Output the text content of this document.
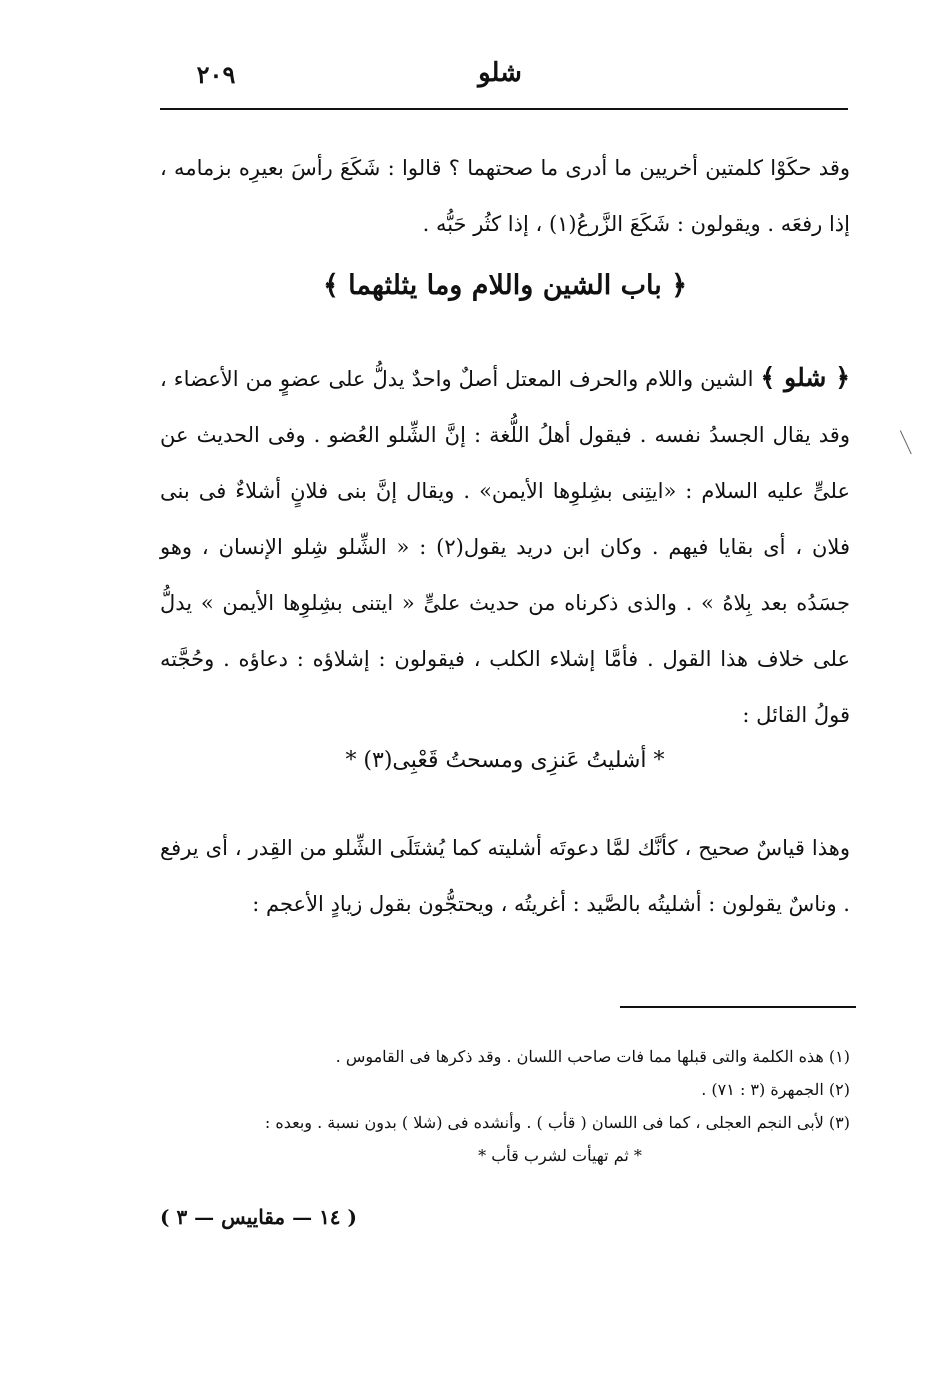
شلو
٢٠٩

وقد حكَوْا كلمتين أخريين ما أدرى ما صحتهما ؟ قالوا : شَكَعَ رأسَ بعيرِه بزمامه ، إذا رفعَه . ويقولون : شَكَعَ الزَّرعُ(١) ، إذا كثُر حَبُّه .

﴿ باب الشين واللام وما يثلثهما ﴾

﴿ شلو ﴾ الشين واللام والحرف المعتل أصلٌ واحدٌ يدلُّ على عضوٍ من الأعضاء ، وقد يقال الجسدُ نفسه . فيقول أهلُ اللُّغة : إنَّ الشِّلو العُضو . وفى الحديث عن علىٍّ عليه السلام : «ايتِنى بشِلوِها الأيمن» . ويقال إنَّ بنى فلانٍ أشلاءٌ فى بنى فلان ، أى بقايا فيهم . وكان ابن دريد يقول(٢) : « الشِّلو شِلو الإنسان ، وهو جسَدُه بعد بِلاهُ » . والذى ذكرناه من حديث علىٍّ « ايتنى بشِلوِها الأيمن » يدلُّ على خلاف هذا القول . فأمَّا إشلاء الكلب ، فيقولون : إشلاؤه : دعاؤه . وحُجَّته قولُ القائل :

* أشليتُ عَنزِى ومسحتُ قَعْبِى(٣) *

وهذا قياسٌ صحيح ، كأنَّك لمَّا دعوتَه أشليته كما يُشتَلَى الشِّلو من القِدر ، أى يرفع . وناسٌ يقولون : أشليتُه بالصَّيد : أغريتُه ، ويحتجُّون بقول زيادٍ الأعجم :

(١) هذه الكلمة والتى قبلها مما فات صاحب اللسان . وقد ذكرها فى القاموس .

(٢) الجمهرة (٣ : ٧١) .

(٣) لأبى النجم العجلى ، كما فى اللسان ( قأب ) . وأنشده فى (شلا ) بدون نسبة . وبعده :

* ثم تهيأت لشرب قأب *

( ١٤ — مقاييس — ٣ )
